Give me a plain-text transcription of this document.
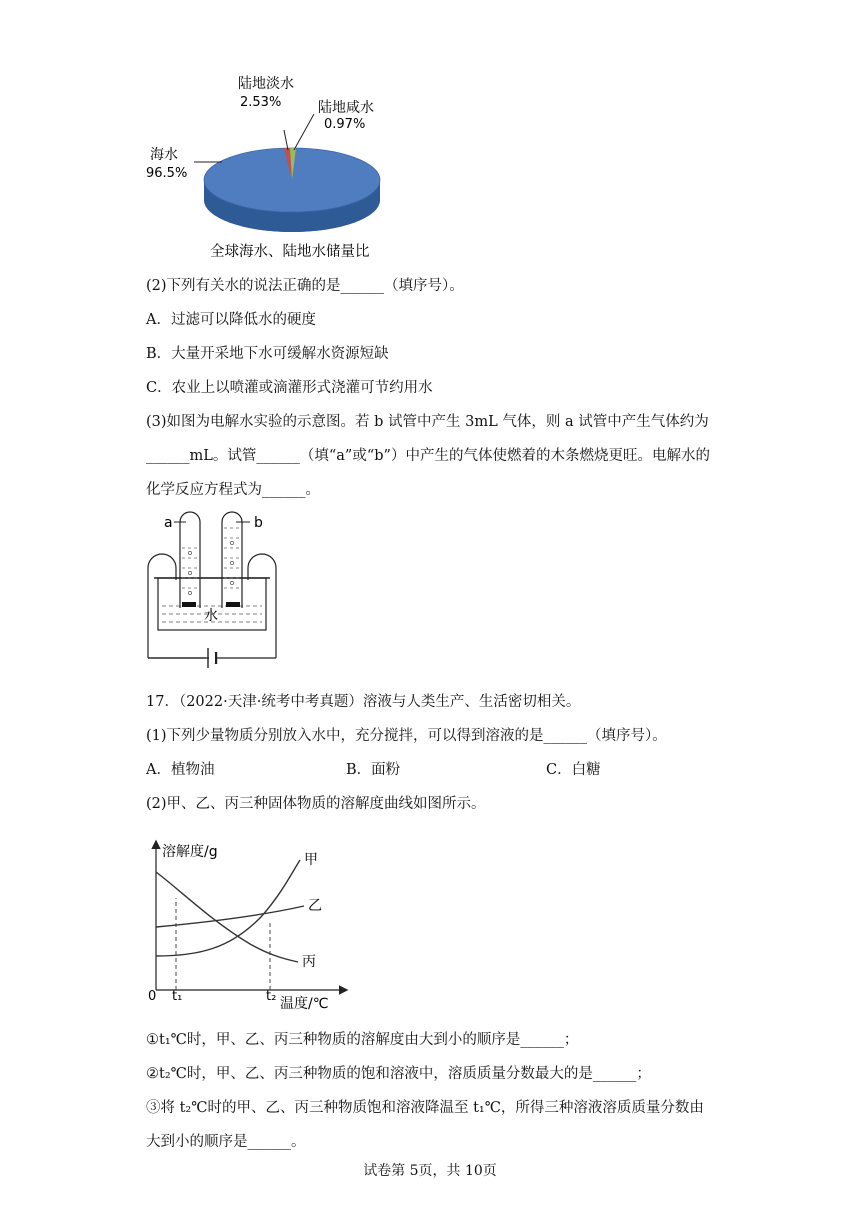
海水
96.5%
陆地淡水
2.53%	陆地咸水
0.97%
全球海水、陆地水储量比
(2)下列有关水的说法正确的是______（填序号）。
A．过滤可以降低水的硬度
B．大量开采地下水可缓解水资源短缺
C．农业上以喷灌或滴灌形式浇灌可节约用水
(3)如图为电解水实验的示意图。若 b 试管中产生 3mL 气体，则 a 试管中产生气体约为
______mL。试管______（填“a”或“b”）中产生的气体使燃着的木条燃烧更旺。电解水的
化学反应方程式为______。
a	b
水
17．（2022·天津·统考中考真题）溶液与人类生产、生活密切相关。
(1)下列少量物质分别放入水中，充分搅拌，可以得到溶液的是______（填序号）。
A．植物油	B．面粉	C．白糖
(2)甲、乙、丙三种固体物质的溶解度曲线如图所示。
溶解度/g
温度/℃
0 t₁	t₂
甲
乙
丙
①t₁℃时，甲、乙、丙三种物质的溶解度由大到小的顺序是______；
②t₂℃时，甲、乙、丙三种物质的饱和溶液中，溶质质量分数最大的是______；
③将 t₂℃时的甲、乙、丙三种物质饱和溶液降温至 t₁℃，所得三种溶液溶质质量分数由
大到小的顺序是______。
试卷第 5页，共 10页
